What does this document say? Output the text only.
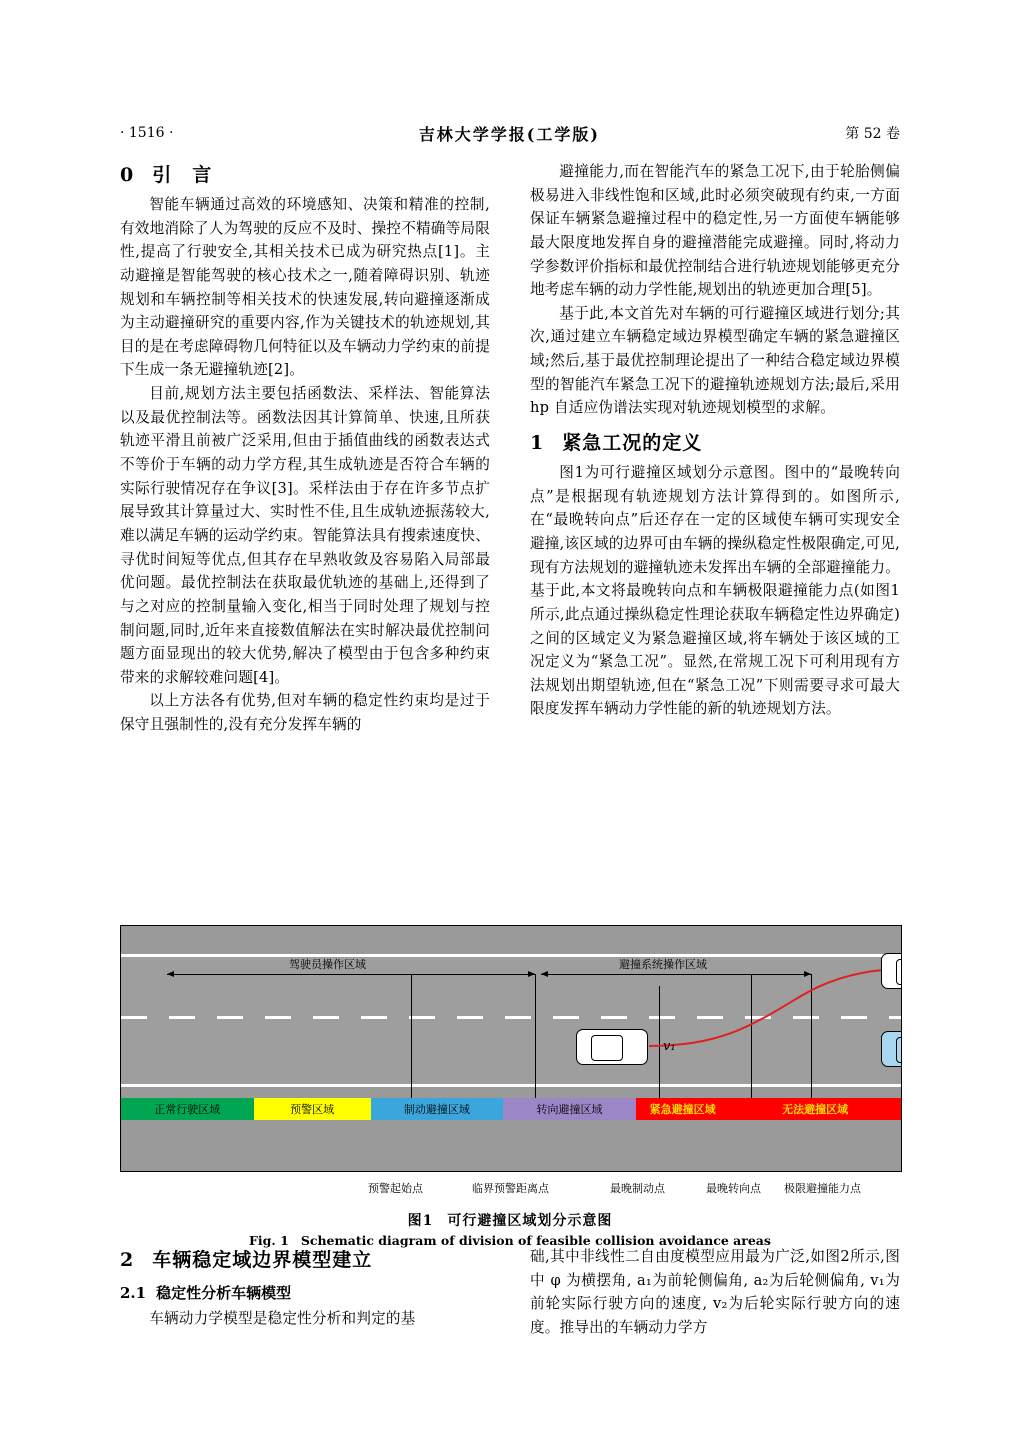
· 1516 ·	吉林大学学报(工学版)	第 52 卷
0 引　言

智能车辆通过高效的环境感知、决策和精准的控制,有效地消除了人为驾驶的反应不及时、操控不精确等局限性,提高了行驶安全,其相关技术已成为研究热点[1]。主动避撞是智能驾驶的核心技术之一,随着障碍识别、轨迹规划和车辆控制等相关技术的快速发展,转向避撞逐渐成为主动避撞研究的重要内容,作为关键技术的轨迹规划,其目的是在考虑障碍物几何特征以及车辆动力学约束的前提下生成一条无避撞轨迹[2]。

目前,规划方法主要包括函数法、采样法、智能算法以及最优控制法等。函数法因其计算简单、快速,且所获轨迹平滑且前被广泛采用,但由于插值曲线的函数表达式不等价于车辆的动力学方程,其生成轨迹是否符合车辆的实际行驶情况存在争议[3]。采样法由于存在许多节点扩展导致其计算量过大、实时性不佳,且生成轨迹振荡较大,难以满足车辆的运动学约束。智能算法具有搜索速度快、寻优时间短等优点,但其存在早熟收敛及容易陷入局部最优问题。最优控制法在获取最优轨迹的基础上,还得到了与之对应的控制量输入变化,相当于同时处理了规划与控制问题,同时,近年来直接数值解法在实时解决最优控制问题方面显现出的较大优势,解决了模型由于包含多种约束带来的求解较难问题[4]。

以上方法各有优势,但对车辆的稳定性约束均是过于保守且强制性的,没有充分发挥车辆的

避撞能力,而在智能汽车的紧急工况下,由于轮胎侧偏极易进入非线性饱和区域,此时必须突破现有约束,一方面保证车辆紧急避撞过程中的稳定性,另一方面使车辆能够最大限度地发挥自身的避撞潜能完成避撞。同时,将动力学参数评价指标和最优控制结合进行轨迹规划能够更充分地考虑车辆的动力学性能,规划出的轨迹更加合理[5]。

基于此,本文首先对车辆的可行避撞区域进行划分;其次,通过建立车辆稳定域边界模型确定车辆的紧急避撞区域;然后,基于最优控制理论提出了一种结合稳定域边界模型的智能汽车紧急工况下的避撞轨迹规划方法;最后,采用 hp 自适应伪谱法实现对轨迹规划模型的求解。

1 紧急工况的定义

图1为可行避撞区域划分示意图。图中的“最晚转向点”是根据现有轨迹规划方法计算得到的。如图所示,在“最晚转向点”后还存在一定的区域使车辆可实现安全避撞,该区域的边界可由车辆的操纵稳定性极限确定,可见,现有方法规划的避撞轨迹未发挥出车辆的全部避撞能力。基于此,本文将最晚转向点和车辆极限避撞能力点(如图1所示,此点通过操纵稳定性理论获取车辆稳定性边界确定)之间的区域定义为紧急避撞区域,将车辆处于该区域的工况定义为“紧急工况”。显然,在常规工况下可利用现有方法规划出期望轨迹,但在“紧急工况”下则需要寻求可最大限度发挥车辆动力学性能的新的轨迹规划方法。

驾驶员操作区域	避撞系统操作区域
v₁
正常行驶区域	预警区域	制动避撞区域	转向避撞区域	紧急避撞区域	无法避撞区域
预警起始点	临界预警距离点	最晚制动点	最晚转向点 极限避撞能力点
图1 可行避撞区域划分示意图
Fig. 1 Schematic diagram of division of feasible collision avoidance areas
2 车辆稳定域边界模型建立
2.1 稳定性分析车辆模型

车辆动力学模型是稳定性分析和判定的基

础,其中非线性二自由度模型应用最为广泛,如图2所示,图中 φ 为横摆角, a₁为前轮侧偏角, a₂为后轮侧偏角, v₁为前轮实际行驶方向的速度, v₂为后轮实际行驶方向的速度。推导出的车辆动力学方
